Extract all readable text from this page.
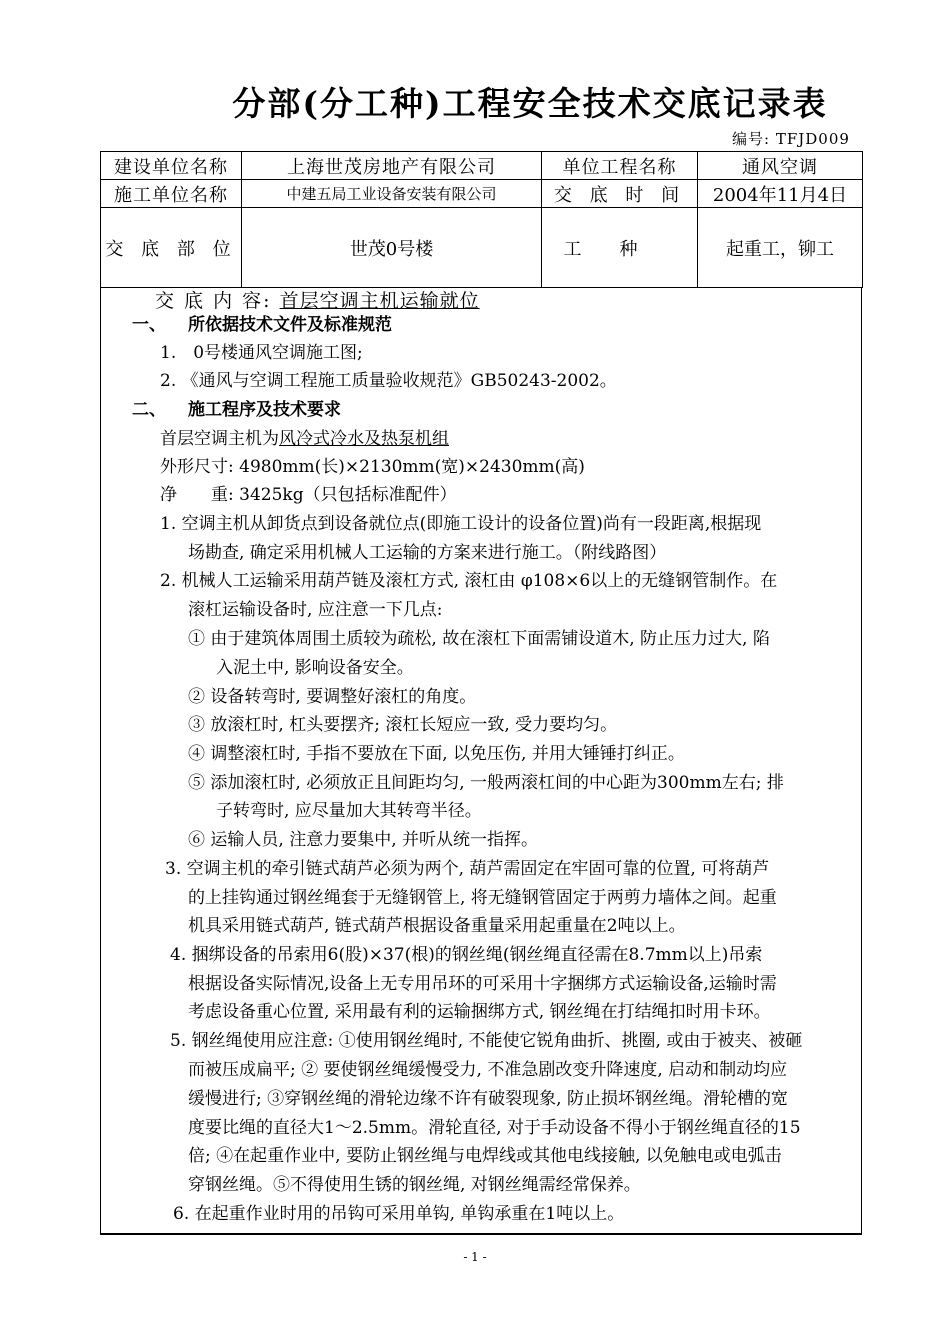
分部(分工种)工程安全技术交底记录表
编号: TFJD009
建设单位名称	上海世茂房地产有限公司	单位工程名称	通风空调
施工单位名称	中建五局工业设备安装有限公司	交 底 时 间	2004年11月4日
交 底 部 位	世茂0号楼	工种	起重工，铆工
交 底 内 容: 首层空调主机运输就位
一、 所依据技术文件及标准规范
1.　0号楼通风空调施工图;
2. 《通风与空调工程施工质量验收规范》GB50243-2002。
二、 施工程序及技术要求
首层空调主机为风冷式冷水及热泵机组
外形尺寸: 4980mm(长)×2130mm(宽)×2430mm(高)
净　　重: 3425kg（只包括标准配件）
1. 空调主机从卸货点到设备就位点(即施工设计的设备位置)尚有一段距离,根据现
场勘查, 确定采用机械人工运输的方案来进行施工。（附线路图）
2. 机械人工运输采用葫芦链及滚杠方式, 滚杠由 φ108×6以上的无缝钢管制作。在
滚杠运输设备时, 应注意一下几点:
① 由于建筑体周围土质较为疏松, 故在滚杠下面需铺设道木, 防止压力过大, 陷
入泥土中, 影响设备安全。
② 设备转弯时, 要调整好滚杠的角度。
③ 放滚杠时, 杠头要摆齐; 滚杠长短应一致, 受力要均匀。
④ 调整滚杠时, 手指不要放在下面, 以免压伤, 并用大锤锤打纠正。
⑤ 添加滚杠时, 必须放正且间距均匀, 一般两滚杠间的中心距为300mm左右; 排
子转弯时, 应尽量加大其转弯半径。
⑥ 运输人员, 注意力要集中, 并听从统一指挥。
3. 空调主机的牵引链式葫芦必须为两个, 葫芦需固定在牢固可靠的位置, 可将葫芦
的上挂钩通过钢丝绳套于无缝钢管上, 将无缝钢管固定于两剪力墙体之间。起重
机具采用链式葫芦, 链式葫芦根据设备重量采用起重量在2吨以上。
4. 捆绑设备的吊索用6(股)×37(根)的钢丝绳(钢丝绳直径需在8.7mm以上)吊索
根据设备实际情况,设备上无专用吊环的可采用十字捆绑方式运输设备,运输时需
考虑设备重心位置, 采用最有利的运输捆绑方式, 钢丝绳在打结绳扣时用卡环。
5. 钢丝绳使用应注意: ①使用钢丝绳时, 不能使它锐角曲折、挑圈, 或由于被夹、被砸
而被压成扁平; ② 要使钢丝绳缓慢受力, 不准急剧改变升降速度, 启动和制动均应
缓慢进行; ③穿钢丝绳的滑轮边缘不许有破裂现象, 防止损坏钢丝绳。滑轮槽的宽
度要比绳的直径大1～2.5mm。滑轮直径, 对于手动设备不得小于钢丝绳直径的15
倍; ④在起重作业中, 要防止钢丝绳与电焊线或其他电线接触, 以免触电或电弧击
穿钢丝绳。⑤不得使用生锈的钢丝绳, 对钢丝绳需经常保养。
6. 在起重作业时用的吊钩可采用单钩, 单钩承重在1吨以上。
- 1 -
